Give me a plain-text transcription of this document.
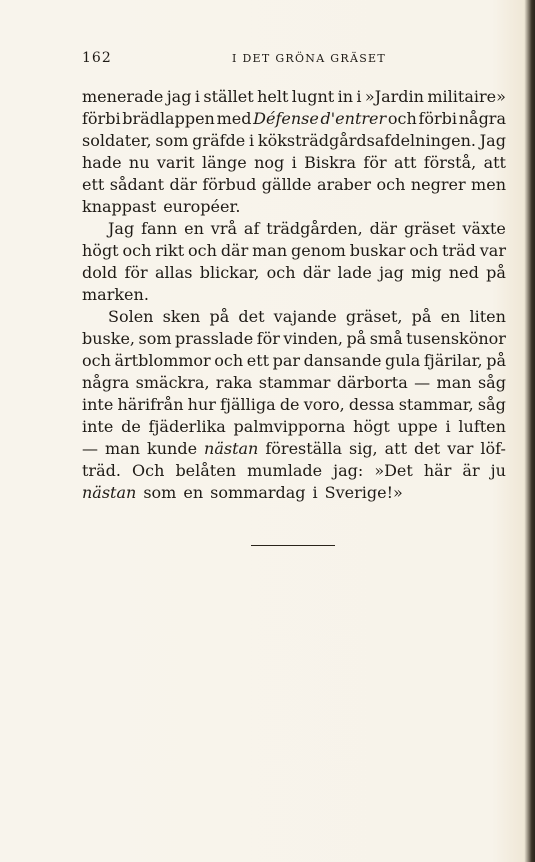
162	I DET GRÖNA GRÄSET
menerade jag i stället helt lugnt in i »Jardin militaire»
förbi brädlappen med Défense d'entrer och förbi några
soldater, som gräfde i köksträdgårdsafdelningen. Jag
hade nu varit länge nog i Biskra för att förstå, att
ett sådant där förbud gällde araber och negrer men
knappast européer.
Jag fann en vrå af trädgården, där gräset växte
högt och rikt och där man genom buskar och träd var
dold för allas blickar, och där lade jag mig ned på
marken.
Solen sken på det vajande gräset, på en liten
buske, som prasslade för vinden, på små tusenskönor
och ärtblommor och ett par dansande gula fjärilar, på
några smäckra, raka stammar därborta — man såg
inte härifrån hur fjälliga de voro, dessa stammar, såg
inte de fjäderlika palmvipporna högt uppe i luften
— man kunde nästan föreställa sig, att det var löf-
träd. Och belåten mumlade jag: »Det här är ju
nästan som en sommardag i Sverige!»
